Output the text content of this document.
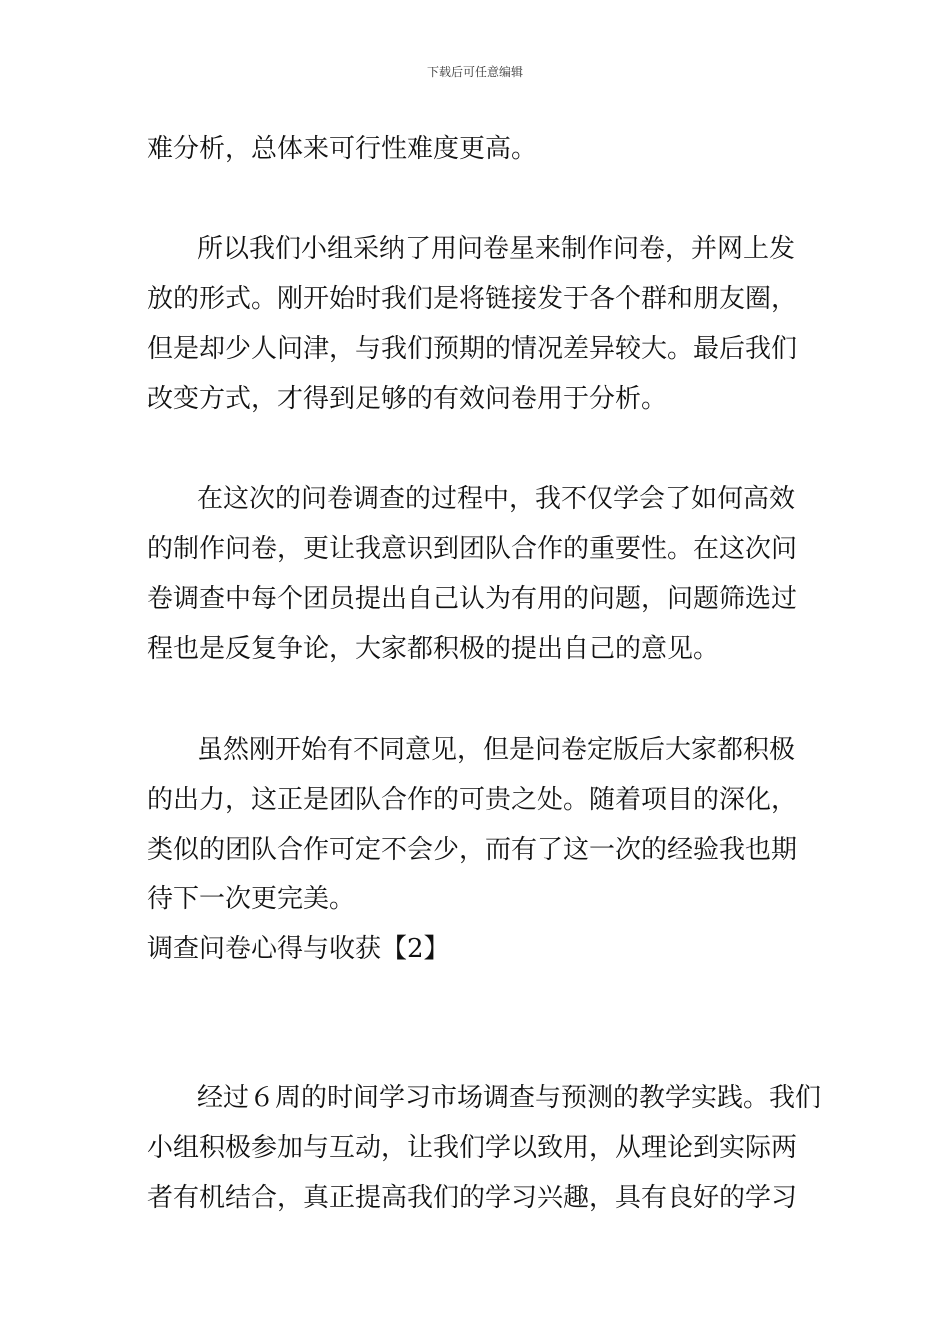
下载后可任意编辑
难分析，总体来可行性难度更高。
所以我们小组采纳了用问卷星来制作问卷，并网上发
放的形式。刚开始时我们是将链接发于各个群和朋友圈，
但是却少人问津，与我们预期的情况差异较大。最后我们
改变方式，才得到足够的有效问卷用于分析。
在这次的问卷调查的过程中，我不仅学会了如何高效
的制作问卷，更让我意识到团队合作的重要性。在这次问
卷调查中每个团员提出自己认为有用的问题，问题筛选过
程也是反复争论，大家都积极的提出自己的意见。
虽然刚开始有不同意见，但是问卷定版后大家都积极
的出力，这正是团队合作的可贵之处。随着项目的深化，
类似的团队合作可定不会少，而有了这一次的经验我也期
待下一次更完美。
调查问卷心得与收获【2】
经过６周的时间学习市场调查与预测的教学实践。我们
小组积极参加与互动，让我们学以致用，从理论到实际两
者有机结合，真正提高我们的学习兴趣，具有良好的学习
